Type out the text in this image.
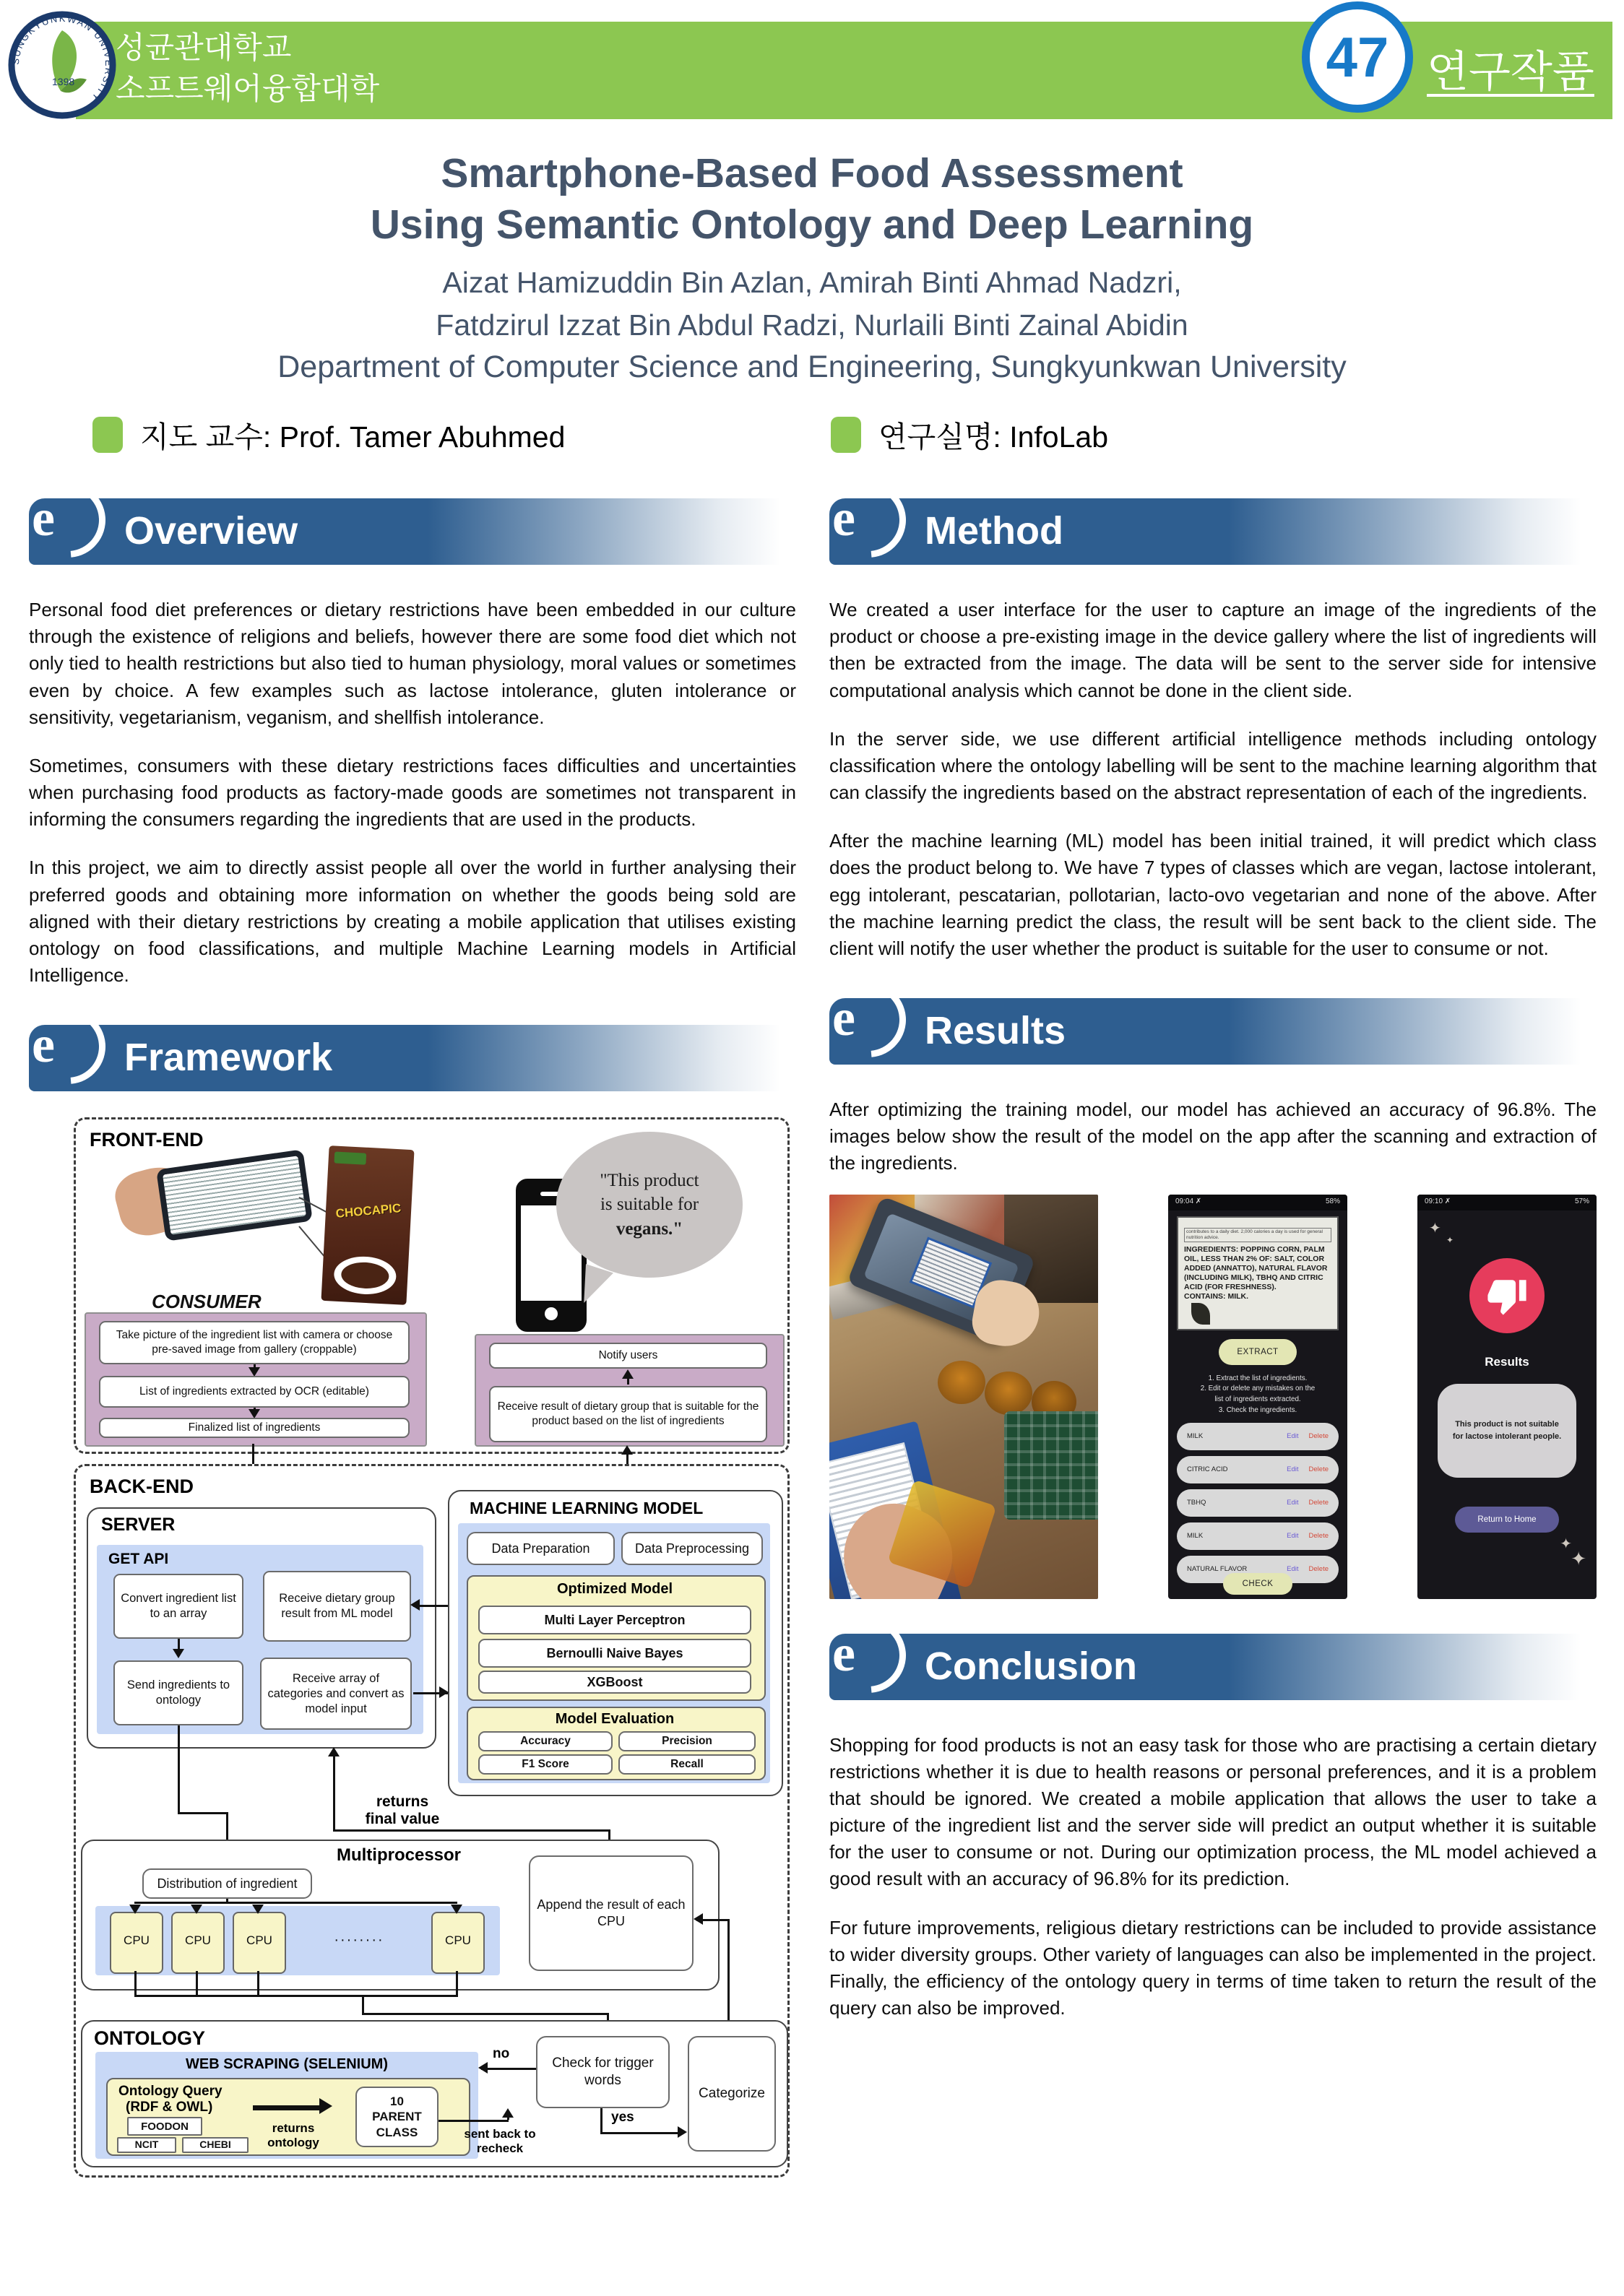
성균관대학교
소프트웨어융합대학
SUNGKYUNKWAN UNIVERSITY
1398	47 연구작품
Smartphone-Based Food Assessment
Using Semantic Ontology and Deep Learning
Aizat Hamizuddin Bin Azlan, Amirah Binti Ahmad Nadzri,
Fatdzirul Izzat Bin Abdul Radzi, Nurlaili Binti Zainal Abidin
Department of Computer Science and Engineering, Sungkyunkwan University
지도 교수: Prof. Tamer Abuhmed	연구실명: InfoLab
e Overview

Personal food diet preferences or dietary restrictions have been embedded in our culture through the existence of religions and beliefs, however there are some food diet which not only tied to health restrictions but also tied to human physiology, moral values or sometimes even by choice. A few examples such as lactose intolerance, gluten intolerance or sensitivity, vegetarianism, veganism, and shellfish intolerance.

Sometimes, consumers with these dietary restrictions faces difficulties and uncertainties when purchasing food products as factory-made goods are sometimes not transparent in informing the consumers regarding the ingredients that are used in the products.

In this project, we aim to directly assist people all over the world in further analysing their preferred goods and obtaining more information on whether the goods being sold are aligned with their dietary restrictions by creating a mobile application that utilises existing ontology on food classifications, and multiple Machine Learning models in Artificial Intelligence.

e Framework
FRONT-END
CHOCAPIC
CONSUMER
"This product
is suitable for
vegans."
Take picture of the ingredient list with camera or choose pre-saved image from gallery (croppable)
List of ingredients extracted by OCR (editable)
Finalized list of ingredients
Notify users
Receive result of dietary group that is suitable for the product based on the list of ingredients
BACK-END
SERVER
GET API
Convert ingredient list to an array
Receive dietary group result from ML model
Send ingredients to ontology
Receive array of categories and convert as model input
MACHINE LEARNING MODEL
Data Preparation	Data Preprocessing
Optimized Model
Multi Layer Perceptron
Bernoulli Naive Bayes
XGBoost
Model Evaluation
Accuracy	Precision
F1 Score	Recall
returns
final value
Multiprocessor
Distribution of ingredient
CPU	CPU	CPU	········	CPU
Append the result of each CPU
ONTOLOGY
WEB SCRAPING (SELENIUM)
Ontology Query
(RDF & OWL)
FOODON
NCIT	CHEBI
returns
ontology
10
PARENT
CLASS
Check for trigger words
Categorize
no
yes
sent back to
recheck
e Method

We created a user interface for the user to capture an image of the ingredients of the product or choose a pre-existing image in the device gallery where the list of ingredients will then be extracted from the image. The data will be sent to the server side for intensive computational analysis which cannot be done in the client side.

In the server side, we use different artificial intelligence methods including ontology classification where the ontology labelling will be sent to the machine learning algorithm that can classify the ingredients based on the abstract representation of each of the ingredients.

After the machine learning (ML) model has been initial trained, it will predict which class does the product belong to. We have 7 types of classes which are vegan, lactose intolerant, egg intolerant, pescatarian, pollotarian, lacto-ovo vegetarian and none of the above. After the machine learning predict the class, the result will be sent back to the client side. The client will notify the user whether the product is suitable for the user to consume or not.

e Results

After optimizing the training model, our model has achieved an accuracy of 96.8%. The images below show the result of the model on the app after the scanning and extraction of the ingredients.

09:04 ✗	58%
contributes to a daily diet. 2,000 calories a day is used for general nutrition advice.
INGREDIENTS: POPPING CORN, PALM OIL, LESS THAN 2% OF: SALT, COLOR ADDED (ANNATTO), NATURAL FLAVOR (INCLUDING MILK), TBHQ AND CITRIC ACID (FOR FRESHNESS).
CONTAINS: MILK.
EXTRACT
1. Extract the list of ingredients.
2. Edit or delete any mistakes on the
list of ingredients extracted.
3. Check the ingredients.
MILK	Edit Delete
CITRIC ACID	Edit Delete
TBHQ	Edit Delete
MILK	Edit Delete
NATURAL FLAVOR	Edit Delete
CHECK
09:10 ✗	57%
✦
✦
Results
This product is not suitable for lactose intolerant people.
Return to Home
✦
✦
e Conclusion

Shopping for food products is not an easy task for those who are practising a certain dietary restrictions whether it is due to health reasons or personal preferences, and it is a problem that should be ignored. We created a mobile application that allows the user to take a picture of the ingredient list and the server side will predict an output whether it is suitable for the user to consume or not. During our optimization process, the ML model achieved a good result with an accuracy of 96.8% for its prediction.

For future improvements, religious dietary restrictions can be included to provide assistance to wider diversity groups. Other variety of languages can also be implemented in the project. Finally, the efficiency of the ontology query in terms of time taken to return the result of the query can also be improved.
